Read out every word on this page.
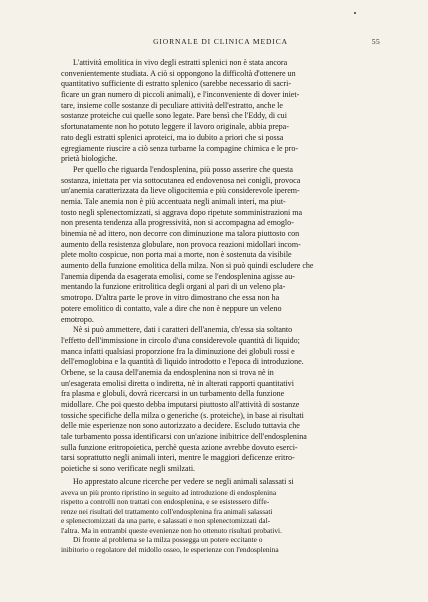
GIORNALE DI CLINICA MEDICA	55
L'attività emolitica in vivo degli estratti splenici non è stata ancora
convenientemente studiata. A ciò si oppongono la difficoltà d'ottenere un
quantitativo sufficiente di estratto splenico (sarebbe necessario di sacri-
ficare un gran numero di piccoli animali), e l'inconveniente di dover iniet-
tare, insieme colle sostanze di peculiare attività dell'estratto, anche le
sostanze proteiche cui quelle sono legate. Pare bensì che l'Eddy, di cui
sfortunatamente non ho potuto leggere il lavoro originale, abbia prepa-
rato degli estratti splenici aproteici, ma io dubito a priori che si possa
egregiamente riuscire a ciò senza turbarne la compagine chimica e le pro-
prietà biologiche.
Per quello che riguarda l'endosplenina, più posso asserire che questa
sostanza, iniettata per via sottocutanea ed endovenosa nei conigli, provoca
un'anemia caratterizzata da lieve oligocitemia e più considerevole iperem-
nemia. Tale anemia non è più accentuata negli animali interi, ma piut-
tosto negli splenectomizzati, si aggrava dopo ripetute somministrazioni ma
non presenta tendenza alla progressività, non si accompagna ad emoglo-
binemia nè ad ittero, non decorre con diminuzione ma talora piuttosto con
aumento della resistenza globulare, non provoca reazioni midollari incom-
plete molto cospicue, non porta mai a morte, non è sostenuta da visibile
aumento della funzione emolitica della milza. Non si può quindi escludere che
l'anemia dipenda da esagerata emolisi, come se l'endosplenina agisse au-
mentando la funzione eritrolitica degli organi al pari di un veleno pla-
smotropo. D'altra parte le prove in vitro dimostrano che essa non ha
potere emolitico di contatto, vale a dire che non è neppure un veleno
emotropo.
Nè si può ammettere, dati i caratteri dell'anemia, ch'essa sia soltanto
l'effetto dell'immissione in circolo d'una considerevole quantità di liquido;
manca infatti qualsiasi proporzione fra la diminuzione dei globuli rossi e
dell'emoglobina e la quantità di liquido introdotto e l'epoca di introduzione.
Orbene, se la causa dell'anemia da endosplenina non si trova nè in
un'esagerata emolisi diretta o indiretta, nè in alterati rapporti quantitativi
fra plasma e globuli, dovrà ricercarsi in un turbamento della funzione
midollare. Che poi questo debba imputarsi piuttosto all'attività di sostanze
tossiche specifiche della milza o generiche (s. proteiche), in base ai risultati
delle mie esperienze non sono autorizzato a decidere. Escludo tuttavia che
tale turbamento possa identificarsi con un'azione inibitrice dell'endosplenina
sulla funzione eritropoietica, perchè questa azione avrebbe dovuto eserci-
tarsi soprattutto negli animali interi, mentre le maggiori deficenze eritro-
poietiche si sono verificate negli smilzati.
Ho apprestato alcune ricerche per vedere se negli animali salassati si
aveva un più pronto ripristino in seguito ad introduzione di endosplenina
rispetto a controlli non trattati con endosplenina, e se esistessero diffe-
renze nei risultati del trattamento coll'endosplenina fra animali salassati
e splenectomizzati da una parte, e salassati e non splenectomizzati dal-
l'altra. Ma in entrambi queste evenienze non ho ottenuto risultati probativi.
Di fronte al problema se la milza possegga un potere eccitante o
inibitorio o regolatore del midollo osseo, le esperienze con l'endosplenina
